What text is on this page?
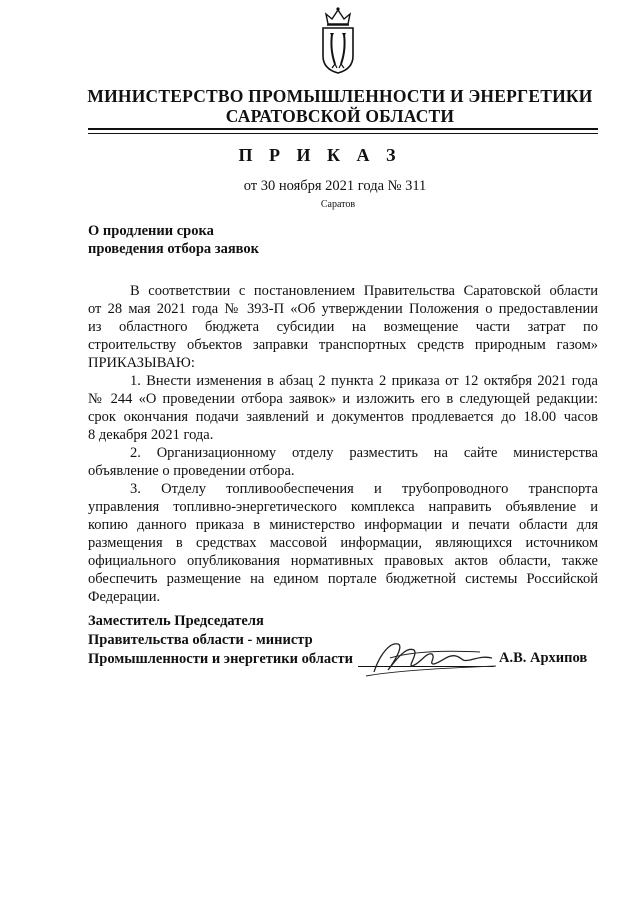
МИНИСТЕРСТВО ПРОМЫШЛЕННОСТИ И ЭНЕРГЕТИКИ
САРАТОВСКОЙ ОБЛАСТИ
П Р И К А З
от 30 ноября 2021 года № 311
Саратов
О продлении срока
проведения отбора заявок

В соответствии с постановлением Правительства Саратовской области

от 28 мая 2021 года № 393-П «Об утверждении Положения о предоставлении

из областного бюджета субсидии на возмещение части затрат по

строительству объектов заправки транспортных средств природным газом»

ПРИКАЗЫВАЮ:

1. Внести изменения в абзац 2 пункта 2 приказа от 12 октября 2021 года

№ 244 «О проведении отбора заявок» и изложить его в следующей редакции:

срок окончания подачи заявлений и документов продлевается до 18.00 часов

8 декабря 2021 года.

2. Организационному отделу разместить на сайте министерства

объявление о проведении отбора.

3. Отделу топливообеспечения и трубопроводного транспорта

управления топливно-энергетического комплекса направить объявление и

копию данного приказа в министерство информации и печати области для

размещения в средствах массовой информации, являющихся источником

официального опубликования нормативных правовых актов области, также

обеспечить размещение на едином портале бюджетной системы Российской

Федерации.

Заместитель Председателя
Правительства области - министр
Промышленности и энергетики области	А.В. Архипов
